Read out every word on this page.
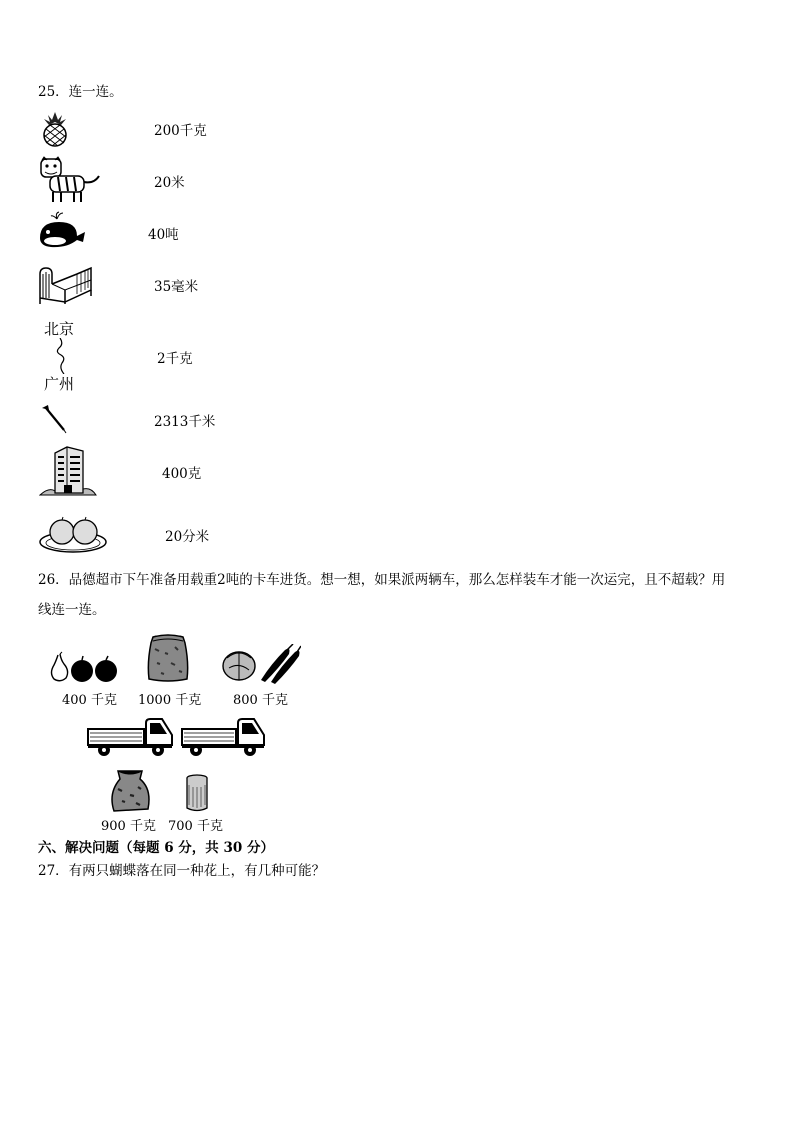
25．连一连。
200千克
20米
40吨
35毫米
北京
广州
2千克
2313千米
400克
20分米
26．品德超市下午准备用载重2吨的卡车进货。想一想，如果派两辆车，那么怎样装车才能一次运完，且不超载？用
线连一连。
400 千克 1000 千克 800 千克
900 千克 700 千克
六、解决问题（每题 6 分，共 30 分）
27．有两只蝴蝶落在同一种花上，有几种可能？
